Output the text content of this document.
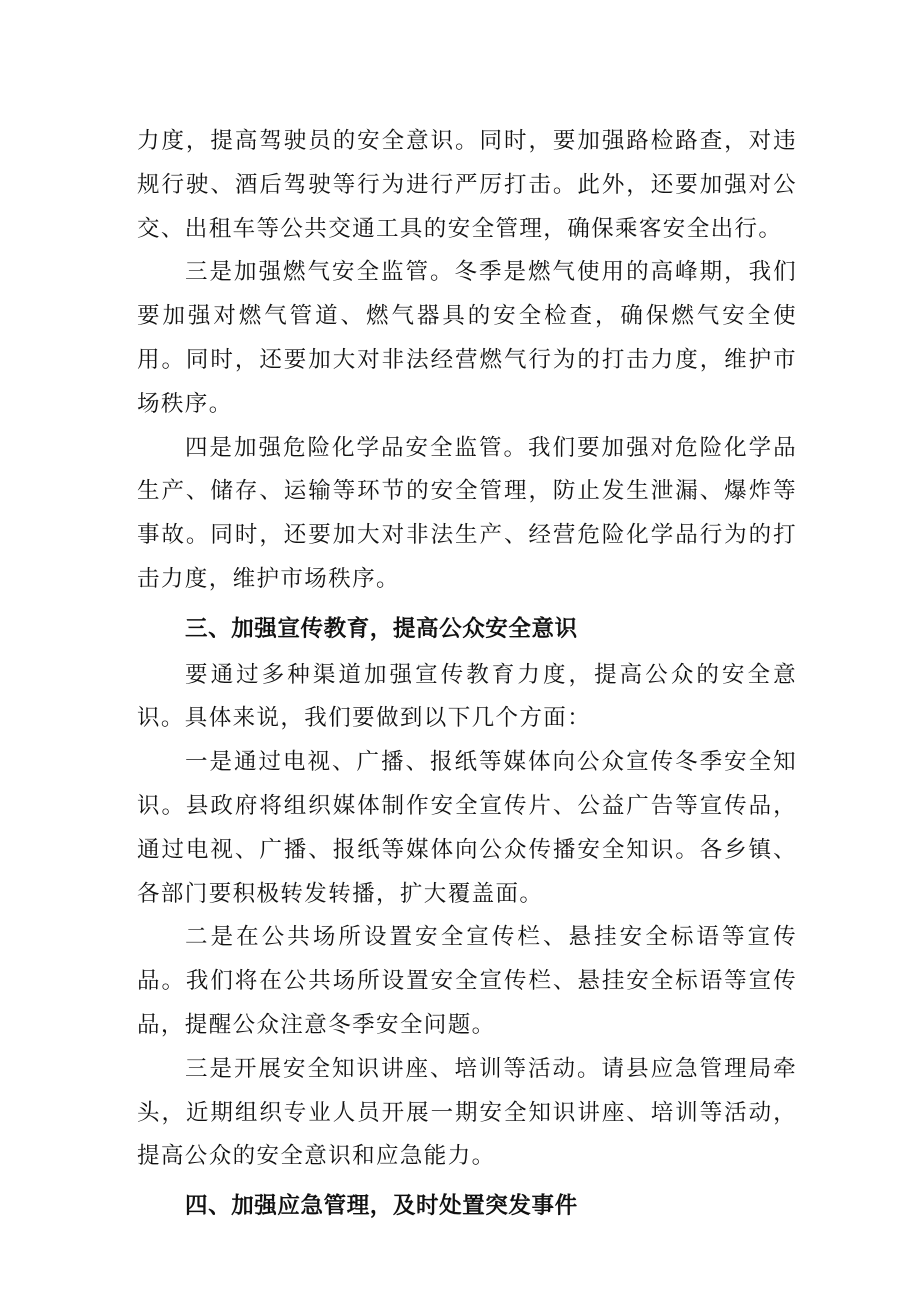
力度，提高驾驶员的安全意识。同时，要加强路检路查，对违规行驶、酒后驾驶等行为进行严厉打击。此外，还要加强对公交、出租车等公共交通工具的安全管理，确保乘客安全出行。

三是加强燃气安全监管。冬季是燃气使用的高峰期，我们要加强对燃气管道、燃气器具的安全检查，确保燃气安全使用。同时，还要加大对非法经营燃气行为的打击力度，维护市场秩序。

四是加强危险化学品安全监管。我们要加强对危险化学品生产、储存、运输等环节的安全管理，防止发生泄漏、爆炸等事故。同时，还要加大对非法生产、经营危险化学品行为的打击力度，维护市场秩序。

三、加强宣传教育，提高公众安全意识

要通过多种渠道加强宣传教育力度，提高公众的安全意识。具体来说，我们要做到以下几个方面：

一是通过电视、广播、报纸等媒体向公众宣传冬季安全知识。县政府将组织媒体制作安全宣传片、公益广告等宣传品，通过电视、广播、报纸等媒体向公众传播安全知识。各乡镇、各部门要积极转发转播，扩大覆盖面。

二是在公共场所设置安全宣传栏、悬挂安全标语等宣传品。我们将在公共场所设置安全宣传栏、悬挂安全标语等宣传品，提醒公众注意冬季安全问题。

三是开展安全知识讲座、培训等活动。请县应急管理局牵头，近期组织专业人员开展一期安全知识讲座、培训等活动，提高公众的安全意识和应急能力。

四、加强应急管理，及时处置突发事件
